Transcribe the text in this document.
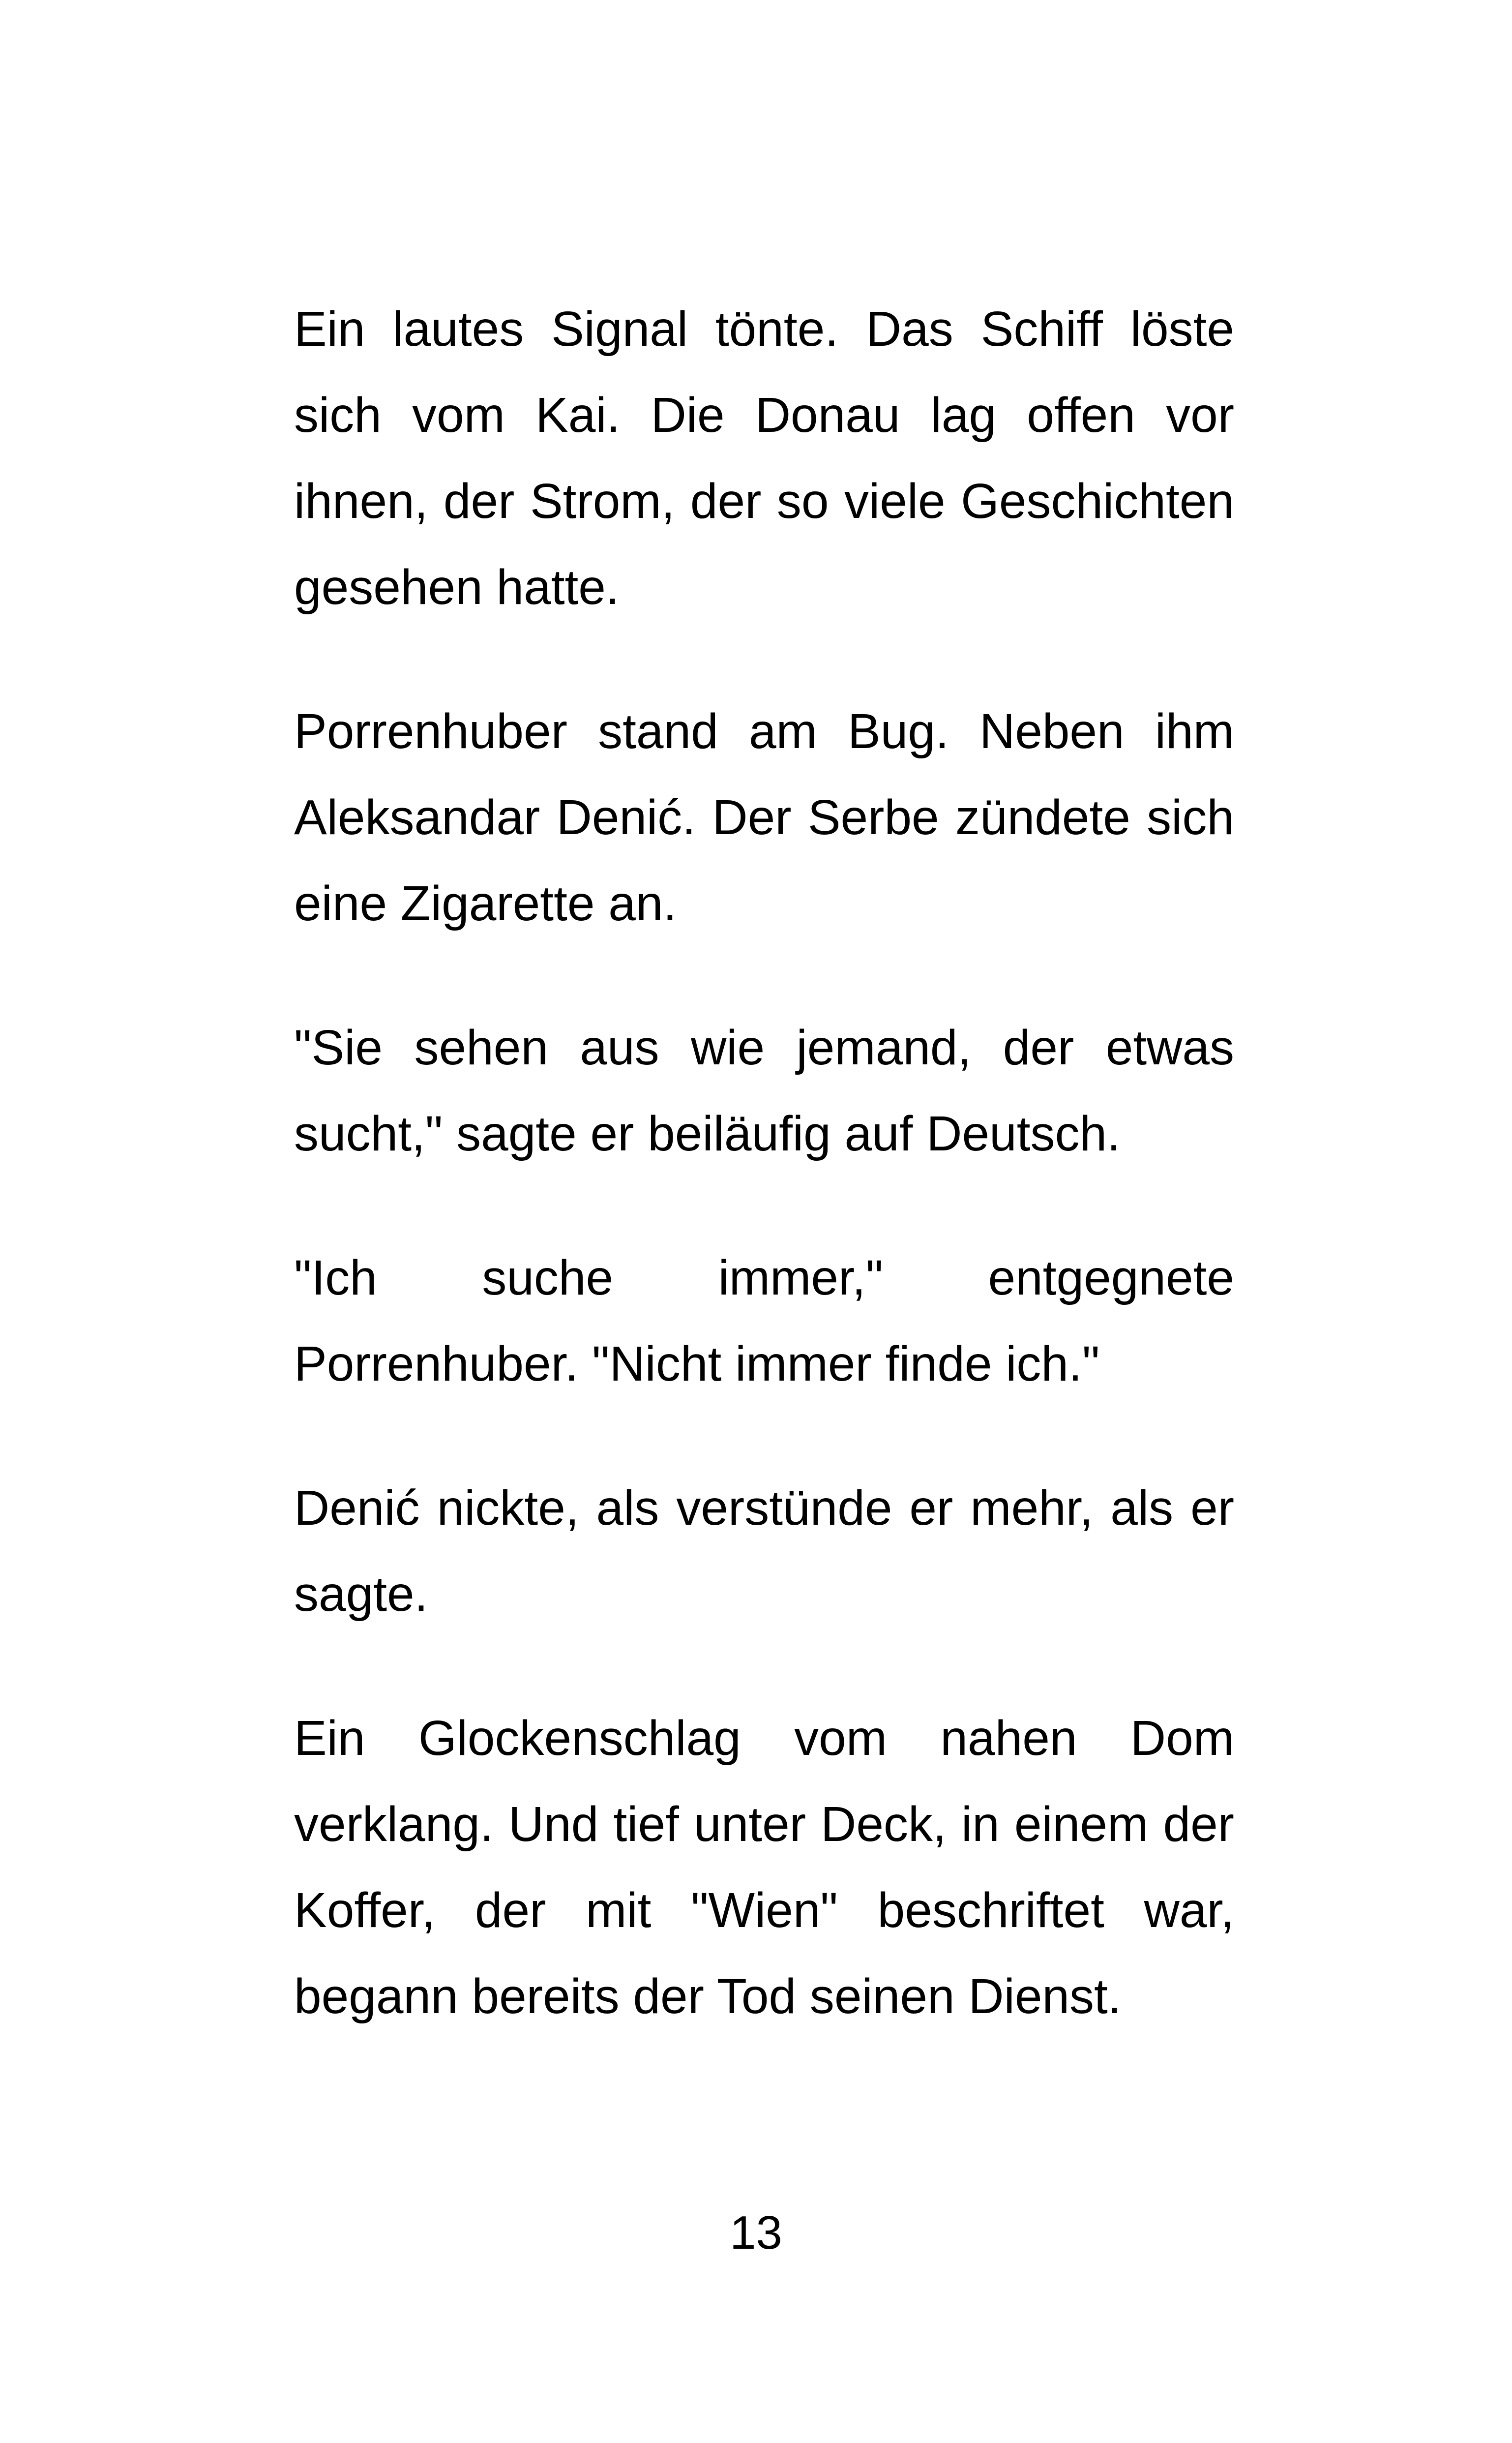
Ein lautes Signal tönte. Das Schiff löste sich vom Kai. Die Donau lag offen vor ihnen, der Strom, der so viele Geschichten gesehen hatte.

Porrenhuber stand am Bug. Neben ihm Aleksandar Denić. Der Serbe zündete sich eine Zigarette an.

"Sie sehen aus wie jemand, der etwas sucht," sagte er beiläufig auf Deutsch.

"Ich suche immer," entgegnete Porrenhuber. "Nicht immer finde ich."

Denić nickte, als verstünde er mehr, als er sagte.

Ein Glockenschlag vom nahen Dom verklang. Und tief unter Deck, in einem der Koffer, der mit "Wien" beschriftet war, begann bereits der Tod seinen Dienst.

13
